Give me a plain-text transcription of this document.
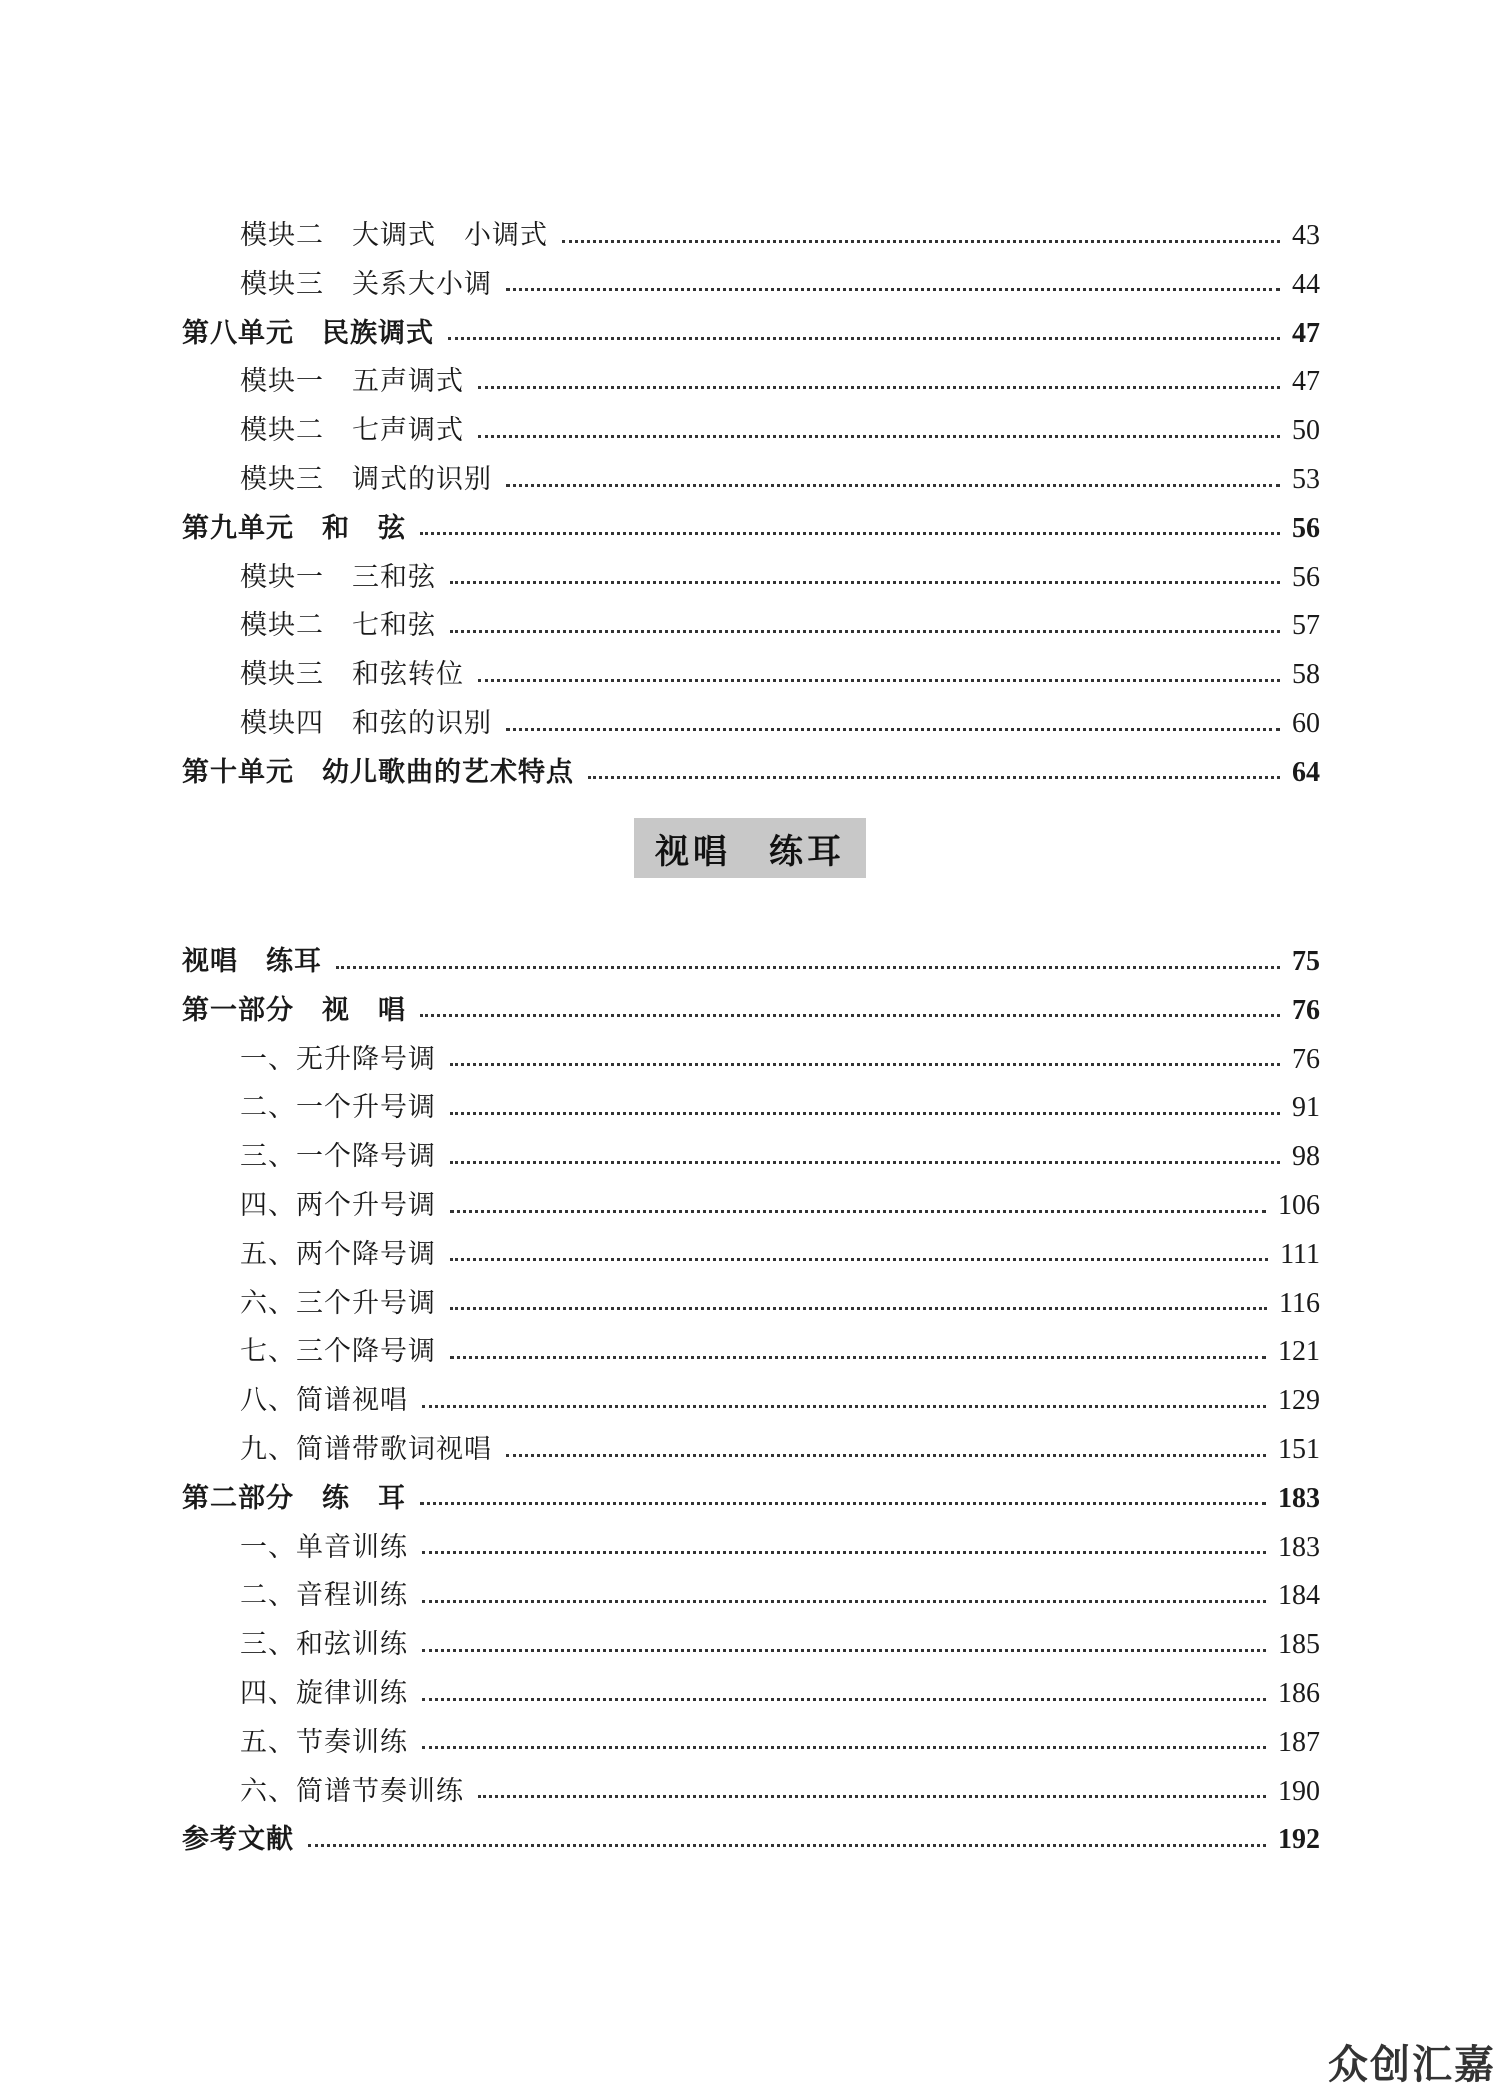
模块二　大调式　小调式	43
模块三　关系大小调	44
第八单元　民族调式	47
模块一　五声调式	47
模块二　七声调式	50
模块三　调式的识别	53
第九单元　和　弦	56
模块一　三和弦	56
模块二　七和弦	57
模块三　和弦转位	58
模块四　和弦的识别	60
第十单元　幼儿歌曲的艺术特点	64
视唱　练耳
视唱　练耳	75
第一部分　视　唱	76
一、无升降号调	76
二、一个升号调	91
三、一个降号调	98
四、两个升号调	106
五、两个降号调	111
六、三个升号调	116
七、三个降号调	121
八、简谱视唱	129
九、简谱带歌词视唱	151
第二部分　练　耳	183
一、单音训练	183
二、音程训练	184
三、和弦训练	185
四、旋律训练	186
五、节奏训练	187
六、简谱节奏训练	190
参考文献	192
众创汇嘉
